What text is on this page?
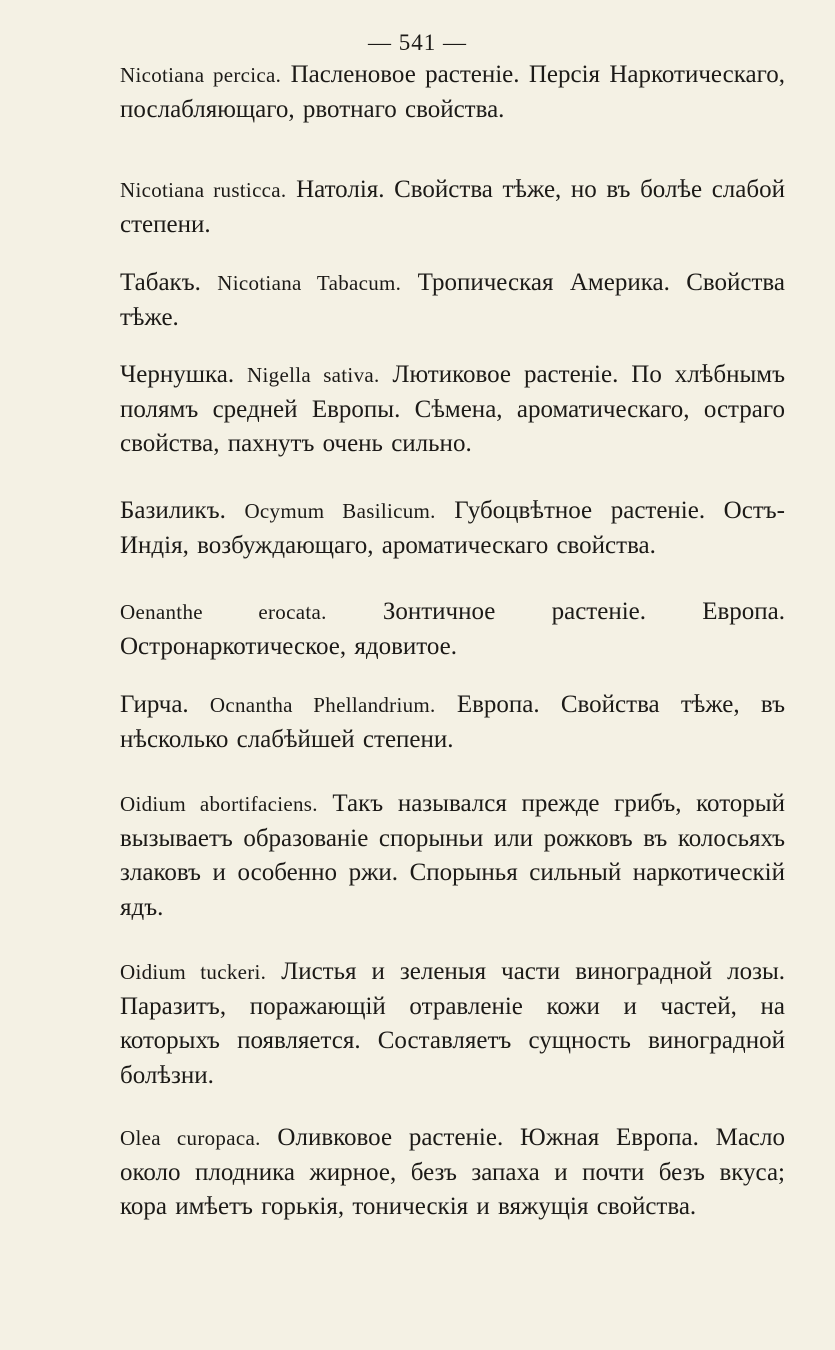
— 541 —

Nicotiana percica. Пасленовое растеніе. Персія Наркотическаго, послабляющаго, рвотнаго свойства.

Nicotiana rusticca. Натолія. Свойства тѣже, но въ болѣе слабой степени.

Табакъ. Nicotiana Tabacum. Тропическая Америка. Свойства тѣже.

Чернушка. Nigella sativa. Лютиковое растеніе. По хлѣбнымъ полямъ средней Европы. Сѣмена, ароматическаго, остраго свойства, пахнутъ очень сильно.

Базиликъ. Ocymum Basilicum. Губоцвѣтное растеніе. Остъ-Индія, возбуждающаго, ароматическаго свойства.

Oenanthe erocata. Зонтичное растеніе. Европа. Остронаркотическое, ядовитое.

Гирча. Ocnantha Phellandrium. Европа. Свойства тѣже, въ нѣсколько слабѣйшей степени.

Oidium abortifaciens. Такъ назывался прежде грибъ, который вызываетъ образованіе спорыньи или рожковъ въ колосьяхъ злаковъ и особенно ржи. Спорынья сильный наркотическій ядъ.

Oidium tuckeri. Листья и зеленыя части виноградной лозы. Паразитъ, поражающій отравленіе кожи и частей, на которыхъ появляется. Составляетъ сущность виноградной болѣзни.

Olea curopaca. Оливковое растеніе. Южная Европа. Масло около плодника жирное, безъ запаха и почти безъ вкуса; кора имѣетъ горькія, тоническія и вяжущія свойства.
